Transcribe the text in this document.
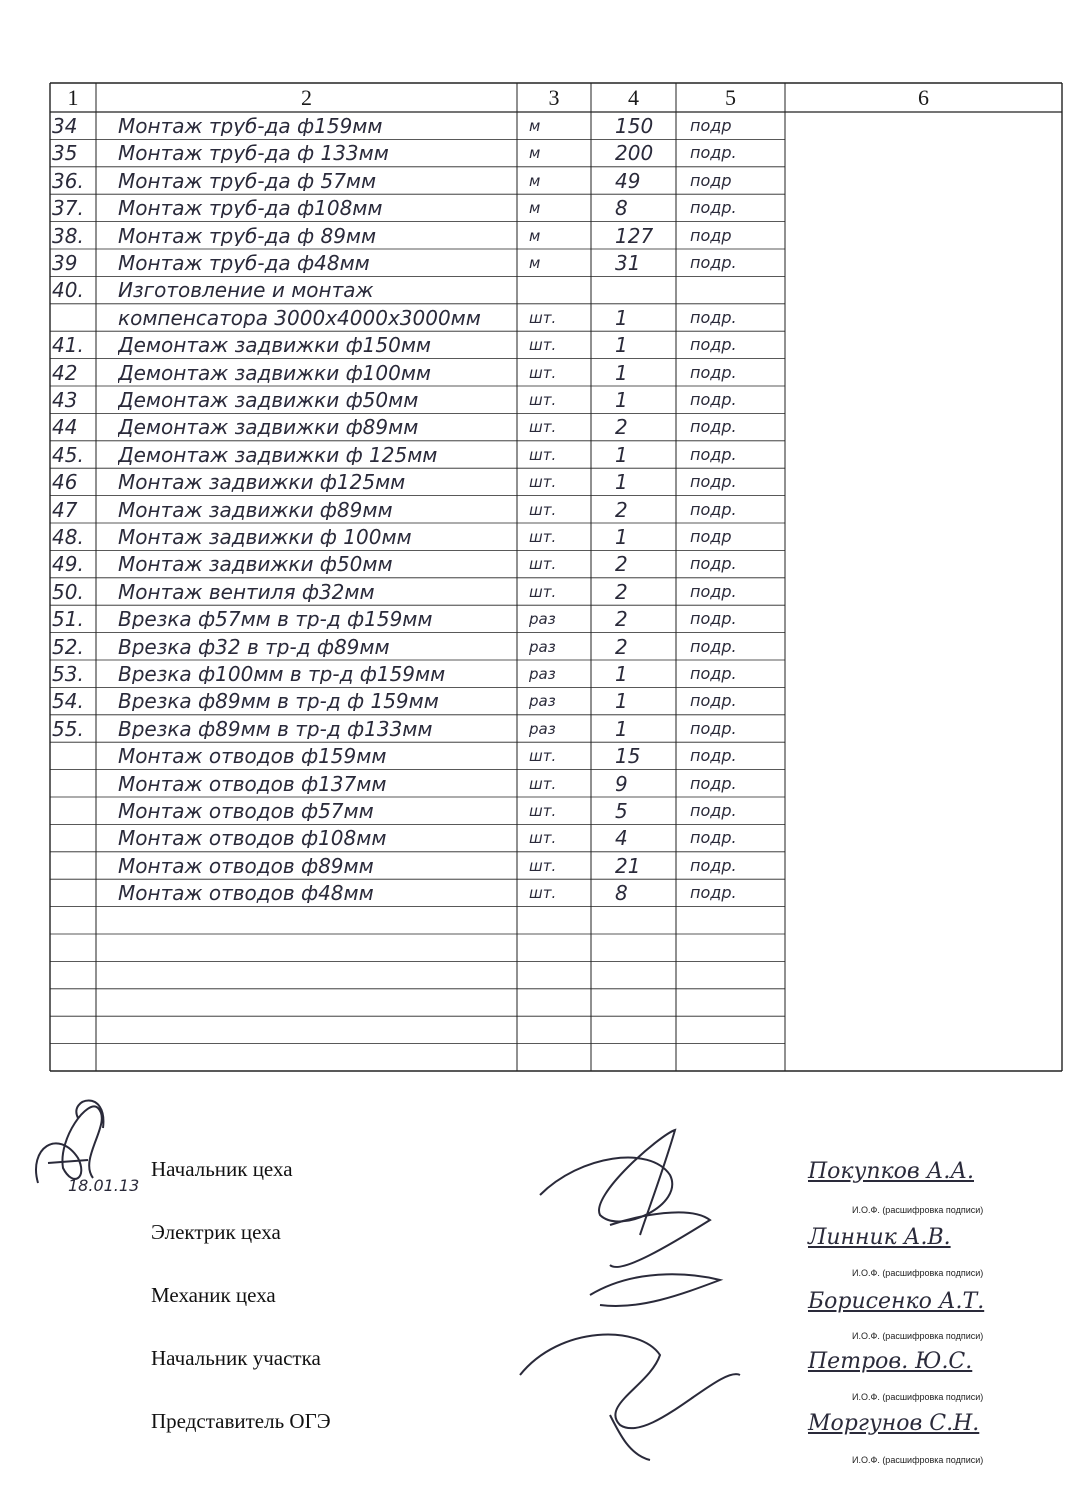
1	2	3	4	5	6
34 Монтаж труб-да ф159мм	м	150 подр
35 Монтаж труб-да ф 133мм	м	200 подр.
36. Монтаж труб-да ф 57мм	м	49	подр
37. Монтаж труб-да ф108мм	м	8	подр.
38. Монтаж труб-да ф 89мм	м	127 подр
39 Монтаж труб-да ф48мм	м	31	подр.
40. Изготовление и монтаж
компенсатора 3000х4000х3000мм	шт.	1	подр.
41. Демонтаж задвижки ф150мм	шт.	1	подр.
42 Демонтаж задвижки ф100мм	шт.	1	подр.
43 Демонтаж задвижки ф50мм	шт.	1	подр.
44 Демонтаж задвижки ф89мм	шт.	2	подр.
45. Демонтаж задвижки ф 125мм	шт.	1	подр.
46 Монтаж задвижки ф125мм	шт.	1	подр.
47 Монтаж задвижки ф89мм	шт.	2	подр.
48. Монтаж задвижки ф 100мм	шт.	1	подр
49. Монтаж задвижки ф50мм	шт.	2	подр.
50. Монтаж вентиля ф32мм	шт.	2	подр.
51. Врезка ф57мм в тр-д ф159мм	раз	2	подр.
52. Врезка ф32 в тр-д ф89мм	раз	2	подр.
53. Врезка ф100мм в тр-д ф159мм	раз	1	подр.
54. Врезка ф89мм в тр-д ф 159мм	раз	1	подр.
55. Врезка ф89мм в тр-д ф133мм	раз	1	подр.
Монтаж отводов ф159мм	шт.	15	подр.
Монтаж отводов ф137мм	шт.	9	подр.
Монтаж отводов ф57мм	шт.	5	подр.
Монтаж отводов ф108мм	шт.	4	подр.
Монтаж отводов ф89мм	шт.	21	подр.
Монтаж отводов ф48мм	шт.	8	подр.
18.01.13
Начальник цеха
Электрик цеха
Механик цеха
Начальник участка
Представитель ОГЭ
Покупков А.А.
И.О.Ф. (расшифровка подписи)
Линник А.В.
И.О.Ф. (расшифровка подписи)
Борисенко А.Т.
И.О.Ф. (расшифровка подписи)
Петров. Ю.С.
И.О.Ф. (расшифровка подписи)
Моргунов С.Н.
И.О.Ф. (расшифровка подписи)
